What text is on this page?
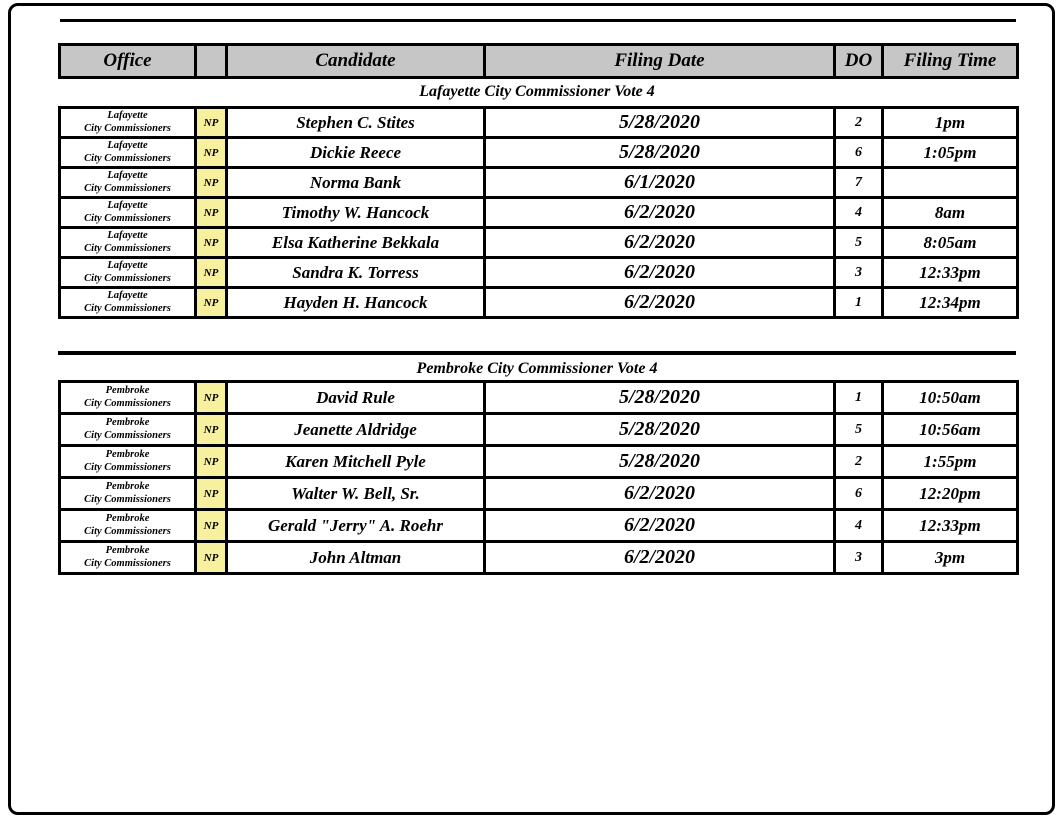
Office		Candidate	Filing Date	DO	Filing Time
Lafayette City Commissioner Vote 4
Lafayette
City Commissioners	NP	Stephen C. Stites	5/28/2020	2	1pm

Lafayette
City Commissioners	NP	Dickie Reece	5/28/2020	6	1:05pm

Lafayette
City Commissioners	NP	Norma Bank	6/1/2020	7	

Lafayette
City Commissioners	NP	Timothy W. Hancock	6/2/2020	4	8am

Lafayette
City Commissioners	NP	Elsa Katherine Bekkala	6/2/2020	5	8:05am

Lafayette
City Commissioners	NP	Sandra K. Torress	6/2/2020	3	12:33pm

Lafayette
City Commissioners	NP	Hayden H. Hancock	6/2/2020	1	12:34pm
Pembroke City Commissioner Vote 4
Pembroke
City Commissioners	NP	David Rule	5/28/2020	1	10:50am

Pembroke
City Commissioners	NP	Jeanette Aldridge	5/28/2020	5	10:56am

Pembroke
City Commissioners	NP	Karen Mitchell Pyle	5/28/2020	2	1:55pm

Pembroke
City Commissioners	NP	Walter W. Bell, Sr.	6/2/2020	6	12:20pm

Pembroke
City Commissioners	NP	Gerald "Jerry" A. Roehr	6/2/2020	4	12:33pm

Pembroke
City Commissioners	NP	John Altman	6/2/2020	3	3pm
